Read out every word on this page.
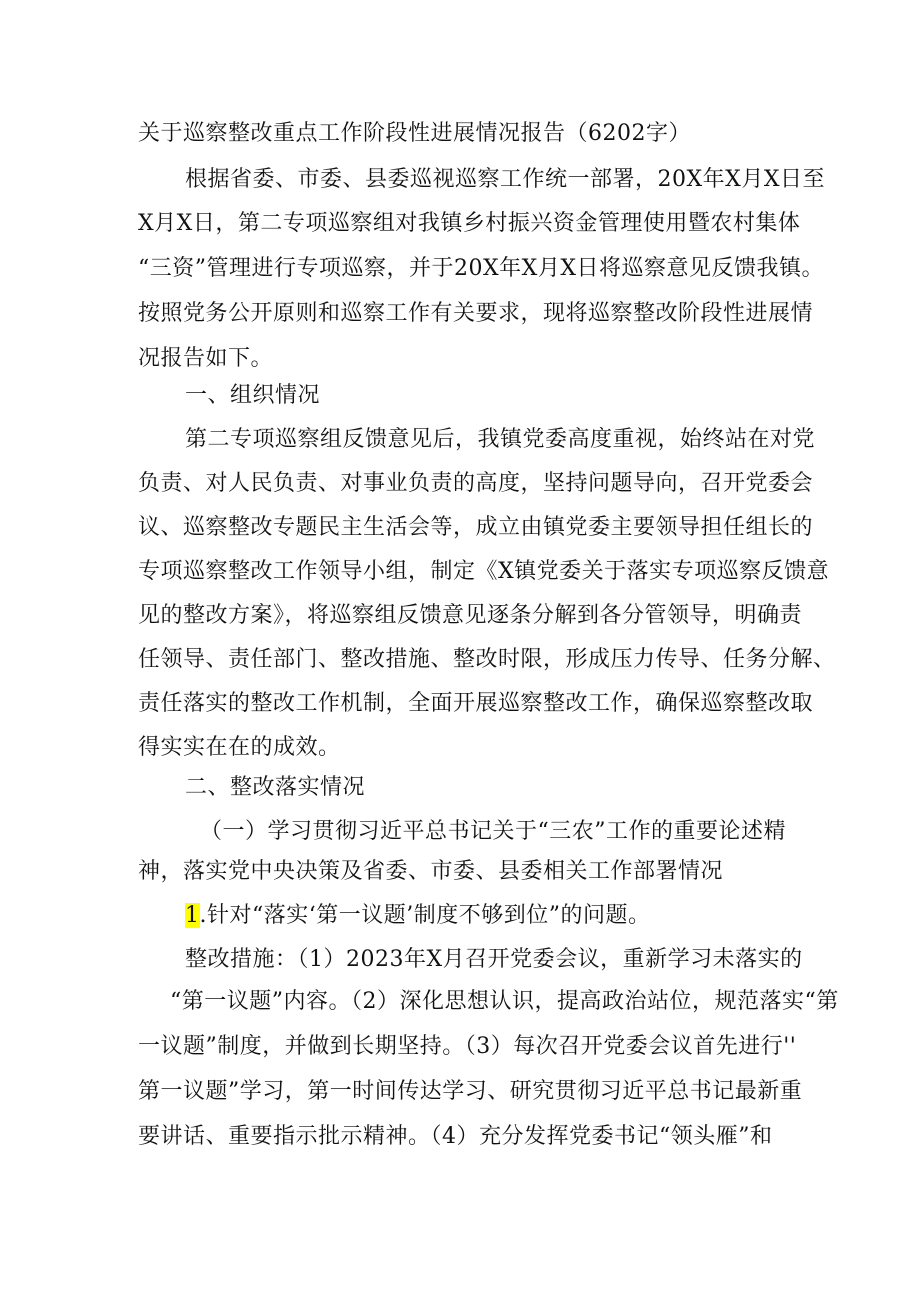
关于巡察整改重点工作阶段性进展情况报告（6202字）
根据省委、市委、县委巡视巡察工作统一部署，20X年X月X日至
X月X日，第二专项巡察组对我镇乡村振兴资金管理使用暨农村集体
“三资”管理进行专项巡察，并于20X年X月X日将巡察意见反馈我镇。
按照党务公开原则和巡察工作有关要求，现将巡察整改阶段性进展情
况报告如下。
一、组织情况
第二专项巡察组反馈意见后，我镇党委高度重视，始终站在对党
负责、对人民负责、对事业负责的高度，坚持问题导向，召开党委会
议、巡察整改专题民主生活会等，成立由镇党委主要领导担任组长的
专项巡察整改工作领导小组，制定《X镇党委关于落实专项巡察反馈意
见的整改方案》，将巡察组反馈意见逐条分解到各分管领导，明确责
任领导、责任部门、整改措施、整改时限，形成压力传导、任务分解、
责任落实的整改工作机制，全面开展巡察整改工作，确保巡察整改取
得实实在在的成效。
二、整改落实情况
（一）学习贯彻习近平总书记关于“三农”工作的重要论述精
神，落实党中央决策及省委、市委、县委相关工作部署情况
1.针对“落实‘第一议题’制度不够到位”的问题。
整改措施：（1）2023年X月召开党委会议，重新学习未落实的
“第一议题”内容。（2）深化思想认识，提高政治站位，规范落实“第
一议题”制度，并做到长期坚持。（3）每次召开党委会议首先进行''
第一议题”学习，第一时间传达学习、研究贯彻习近平总书记最新重
要讲话、重要指示批示精神。（4）充分发挥党委书记“领头雁”和
